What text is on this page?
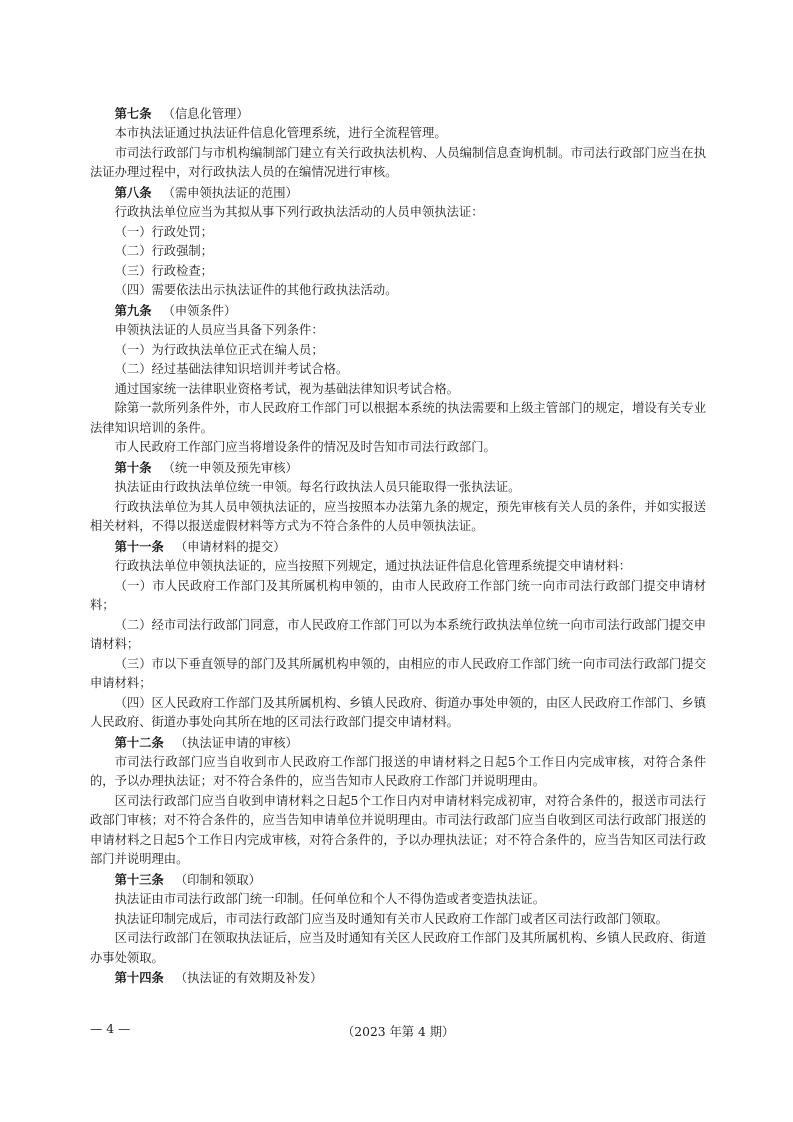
第七条 （信息化管理）

本市执法证通过执法证件信息化管理系统，进行全流程管理。

市司法行政部门与市机构编制部门建立有关行政执法机构、人员编制信息查询机制。市司法行政部门应当在执法证办理过程中，对行政执法人员的在编情况进行审核。

第八条 （需申领执法证的范围）

行政执法单位应当为其拟从事下列行政执法活动的人员申领执法证：

（一）行政处罚；

（二）行政强制；

（三）行政检查；

（四）需要依法出示执法证件的其他行政执法活动。

第九条 （申领条件）

申领执法证的人员应当具备下列条件：

（一）为行政执法单位正式在编人员；

（二）经过基础法律知识培训并考试合格。

通过国家统一法律职业资格考试，视为基础法律知识考试合格。

除第一款所列条件外，市人民政府工作部门可以根据本系统的执法需要和上级主管部门的规定，增设有关专业法律知识培训的条件。

市人民政府工作部门应当将增设条件的情况及时告知市司法行政部门。

第十条 （统一申领及预先审核）

执法证由行政执法单位统一申领。每名行政执法人员只能取得一张执法证。

行政执法单位为其人员申领执法证的，应当按照本办法第九条的规定，预先审核有关人员的条件，并如实报送相关材料，不得以报送虚假材料等方式为不符合条件的人员申领执法证。

第十一条 （申请材料的提交）

行政执法单位申领执法证的，应当按照下列规定，通过执法证件信息化管理系统提交申请材料：

（一）市人民政府工作部门及其所属机构申领的，由市人民政府工作部门统一向市司法行政部门提交申请材料；

（二）经市司法行政部门同意，市人民政府工作部门可以为本系统行政执法单位统一向市司法行政部门提交申请材料；

（三）市以下垂直领导的部门及其所属机构申领的，由相应的市人民政府工作部门统一向市司法行政部门提交申请材料；

（四）区人民政府工作部门及其所属机构、乡镇人民政府、街道办事处申领的，由区人民政府工作部门、乡镇人民政府、街道办事处向其所在地的区司法行政部门提交申请材料。

第十二条 （执法证申请的审核）

市司法行政部门应当自收到市人民政府工作部门报送的申请材料之日起5个工作日内完成审核，对符合条件的，予以办理执法证；对不符合条件的，应当告知市人民政府工作部门并说明理由。

区司法行政部门应当自收到申请材料之日起5个工作日内对申请材料完成初审，对符合条件的，报送市司法行政部门审核；对不符合条件的，应当告知申请单位并说明理由。市司法行政部门应当自收到区司法行政部门报送的申请材料之日起5个工作日内完成审核，对符合条件的，予以办理执法证；对不符合条件的，应当告知区司法行政部门并说明理由。

第十三条 （印制和领取）

执法证由市司法行政部门统一印制。任何单位和个人不得伪造或者变造执法证。

执法证印制完成后，市司法行政部门应当及时通知有关市人民政府工作部门或者区司法行政部门领取。

区司法行政部门在领取执法证后，应当及时通知有关区人民政府工作部门及其所属机构、乡镇人民政府、街道办事处领取。

第十四条 （执法证的有效期及补发）

— 4 —	（2023 年第 4 期）
